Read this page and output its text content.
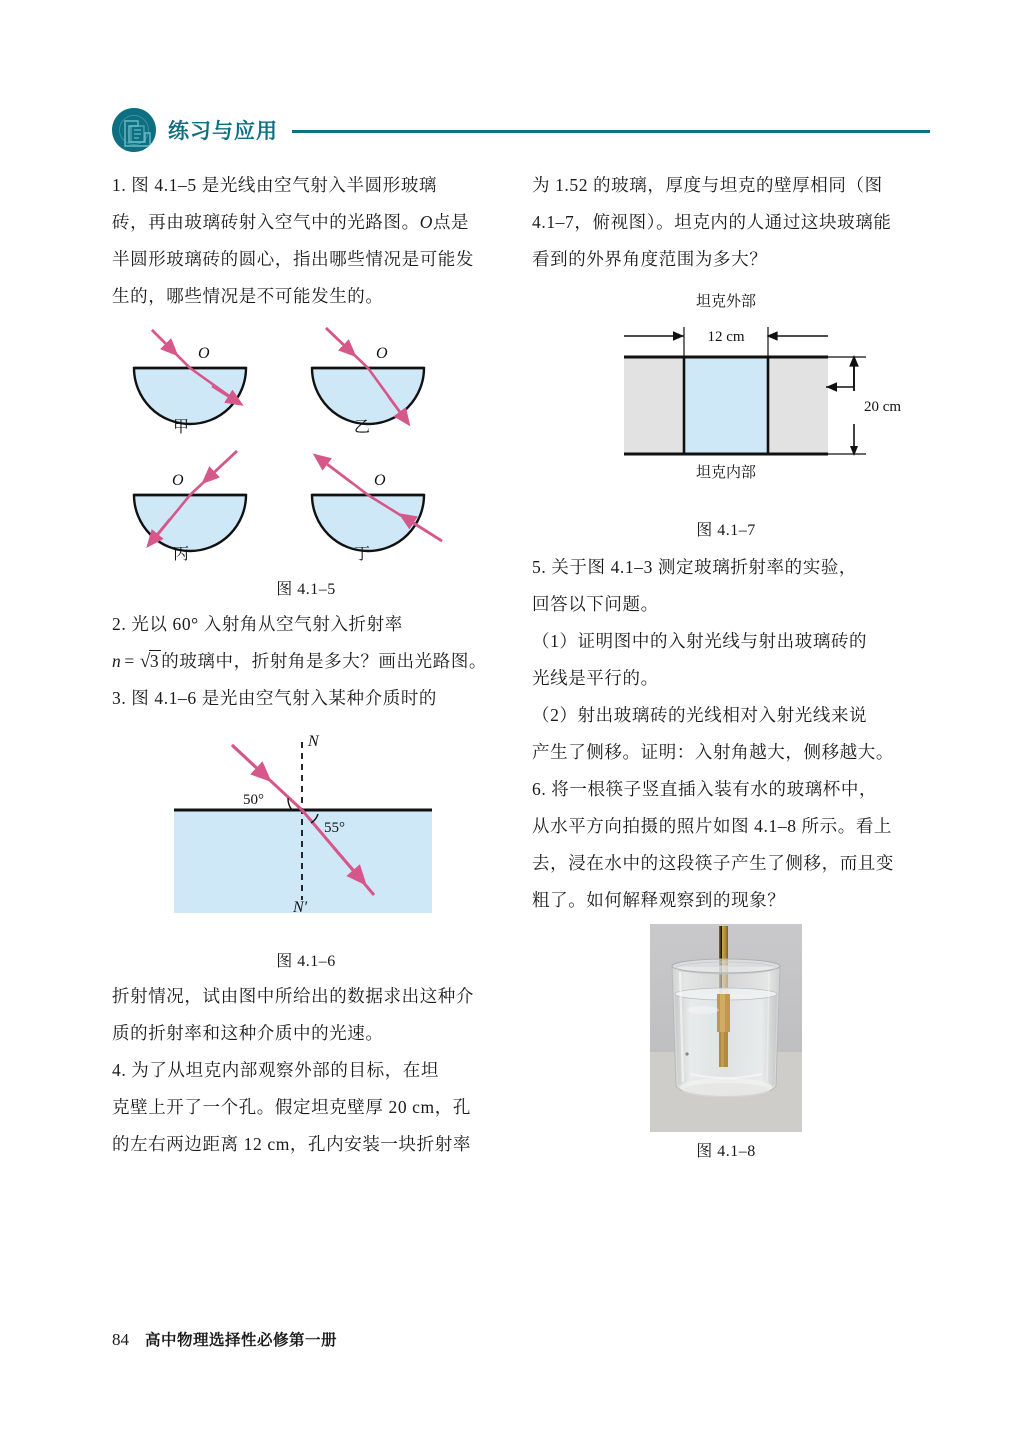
练习与应用

1. 图 4.1–5 是光线由空气射入半圆形玻璃

砖，再由玻璃砖射入空气中的光路图。O点是

半圆形玻璃砖的圆心，指出哪些情况是可能发

生的，哪些情况是不可能发生的。

O
甲
O
乙
O
丙
O
丁
图 4.1–5

2. 光以 60° 入射角从空气射入折射率

n = √3 的玻璃中，折射角是多大？画出光路图。

3. 图 4.1–6 是光由空气射入某种介质时的

50°
55°
N
N′
图 4.1–6

折射情况，试由图中所给出的数据求出这种介

质的折射率和这种介质中的光速。

4. 为了从坦克内部观察外部的目标，在坦

克壁上开了一个孔。假定坦克壁厚 20 cm，孔

的左右两边距离 12 cm，孔内安装一块折射率

为 1.52 的玻璃，厚度与坦克的壁厚相同（图

4.1–7，俯视图）。坦克内的人通过这块玻璃能

看到的外界角度范围为多大？

坦克外部
12 cm
20 cm
坦克内部
图 4.1–7

5. 关于图 4.1–3 测定玻璃折射率的实验，

回答以下问题。

（1）证明图中的入射光线与射出玻璃砖的

光线是平行的。

（2）射出玻璃砖的光线相对入射光线来说

产生了侧移。证明：入射角越大，侧移越大。

6. 将一根筷子竖直插入装有水的玻璃杯中，

从水平方向拍摄的照片如图 4.1–8 所示。看上

去，浸在水中的这段筷子产生了侧移，而且变

粗了。如何解释观察到的现象？

图 4.1–8
84 高中物理选择性必修第一册
